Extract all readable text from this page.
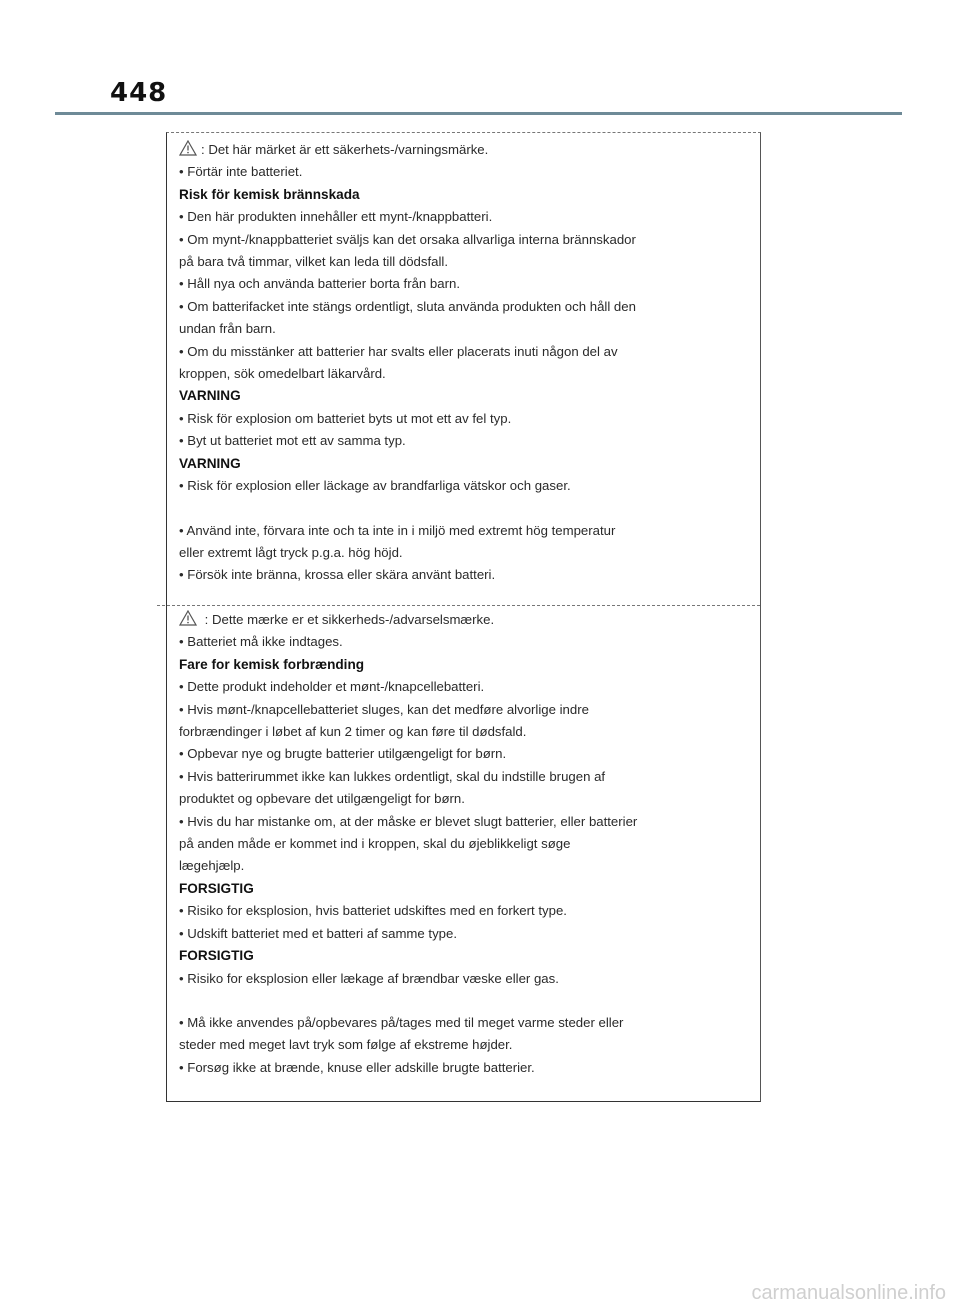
448

: Det här märket är ett säkerhets-/varningsmärke.

• Förtär inte batteriet.

Risk för kemisk brännskada

• Den här produkten innehåller ett mynt-/knappbatteri.

• Om mynt-/knappbatteriet sväljs kan det orsaka allvarliga interna brännskador

på bara två timmar, vilket kan leda till dödsfall.

• Håll nya och använda batterier borta från barn.

• Om batterifacket inte stängs ordentligt, sluta använda produkten och håll den

undan från barn.

• Om du misstänker att batterier har svalts eller placerats inuti någon del av

kroppen, sök omedelbart läkarvård.

VARNING

• Risk för explosion om batteriet byts ut mot ett av fel typ.

• Byt ut batteriet mot ett av samma typ.

VARNING

• Risk för explosion eller läckage av brandfarliga vätskor och gaser.

• Använd inte, förvara inte och ta inte in i miljö med extremt hög temperatur

eller extremt lågt tryck p.g.a. hög höjd.

• Försök inte bränna, krossa eller skära använt batteri.

: Dette mærke er et sikkerheds-/advarselsmærke.

• Batteriet må ikke indtages.

Fare for kemisk forbrænding

• Dette produkt indeholder et mønt-/knapcellebatteri.

• Hvis mønt-/knapcellebatteriet sluges, kan det medføre alvorlige indre

forbrændinger i løbet af kun 2 timer og kan føre til dødsfald.

• Opbevar nye og brugte batterier utilgængeligt for børn.

• Hvis batterirummet ikke kan lukkes ordentligt, skal du indstille brugen af

produktet og opbevare det utilgængeligt for børn.

• Hvis du har mistanke om, at der måske er blevet slugt batterier, eller batterier

på anden måde er kommet ind i kroppen, skal du øjeblikkeligt søge

lægehjælp.

FORSIGTIG

• Risiko for eksplosion, hvis batteriet udskiftes med en forkert type.

• Udskift batteriet med et batteri af samme type.

FORSIGTIG

• Risiko for eksplosion eller lækage af brændbar væske eller gas.

• Må ikke anvendes på/opbevares på/tages med til meget varme steder eller

steder med meget lavt tryk som følge af ekstreme højder.

• Forsøg ikke at brænde, knuse eller adskille brugte batterier.

carmanualsonline.info
